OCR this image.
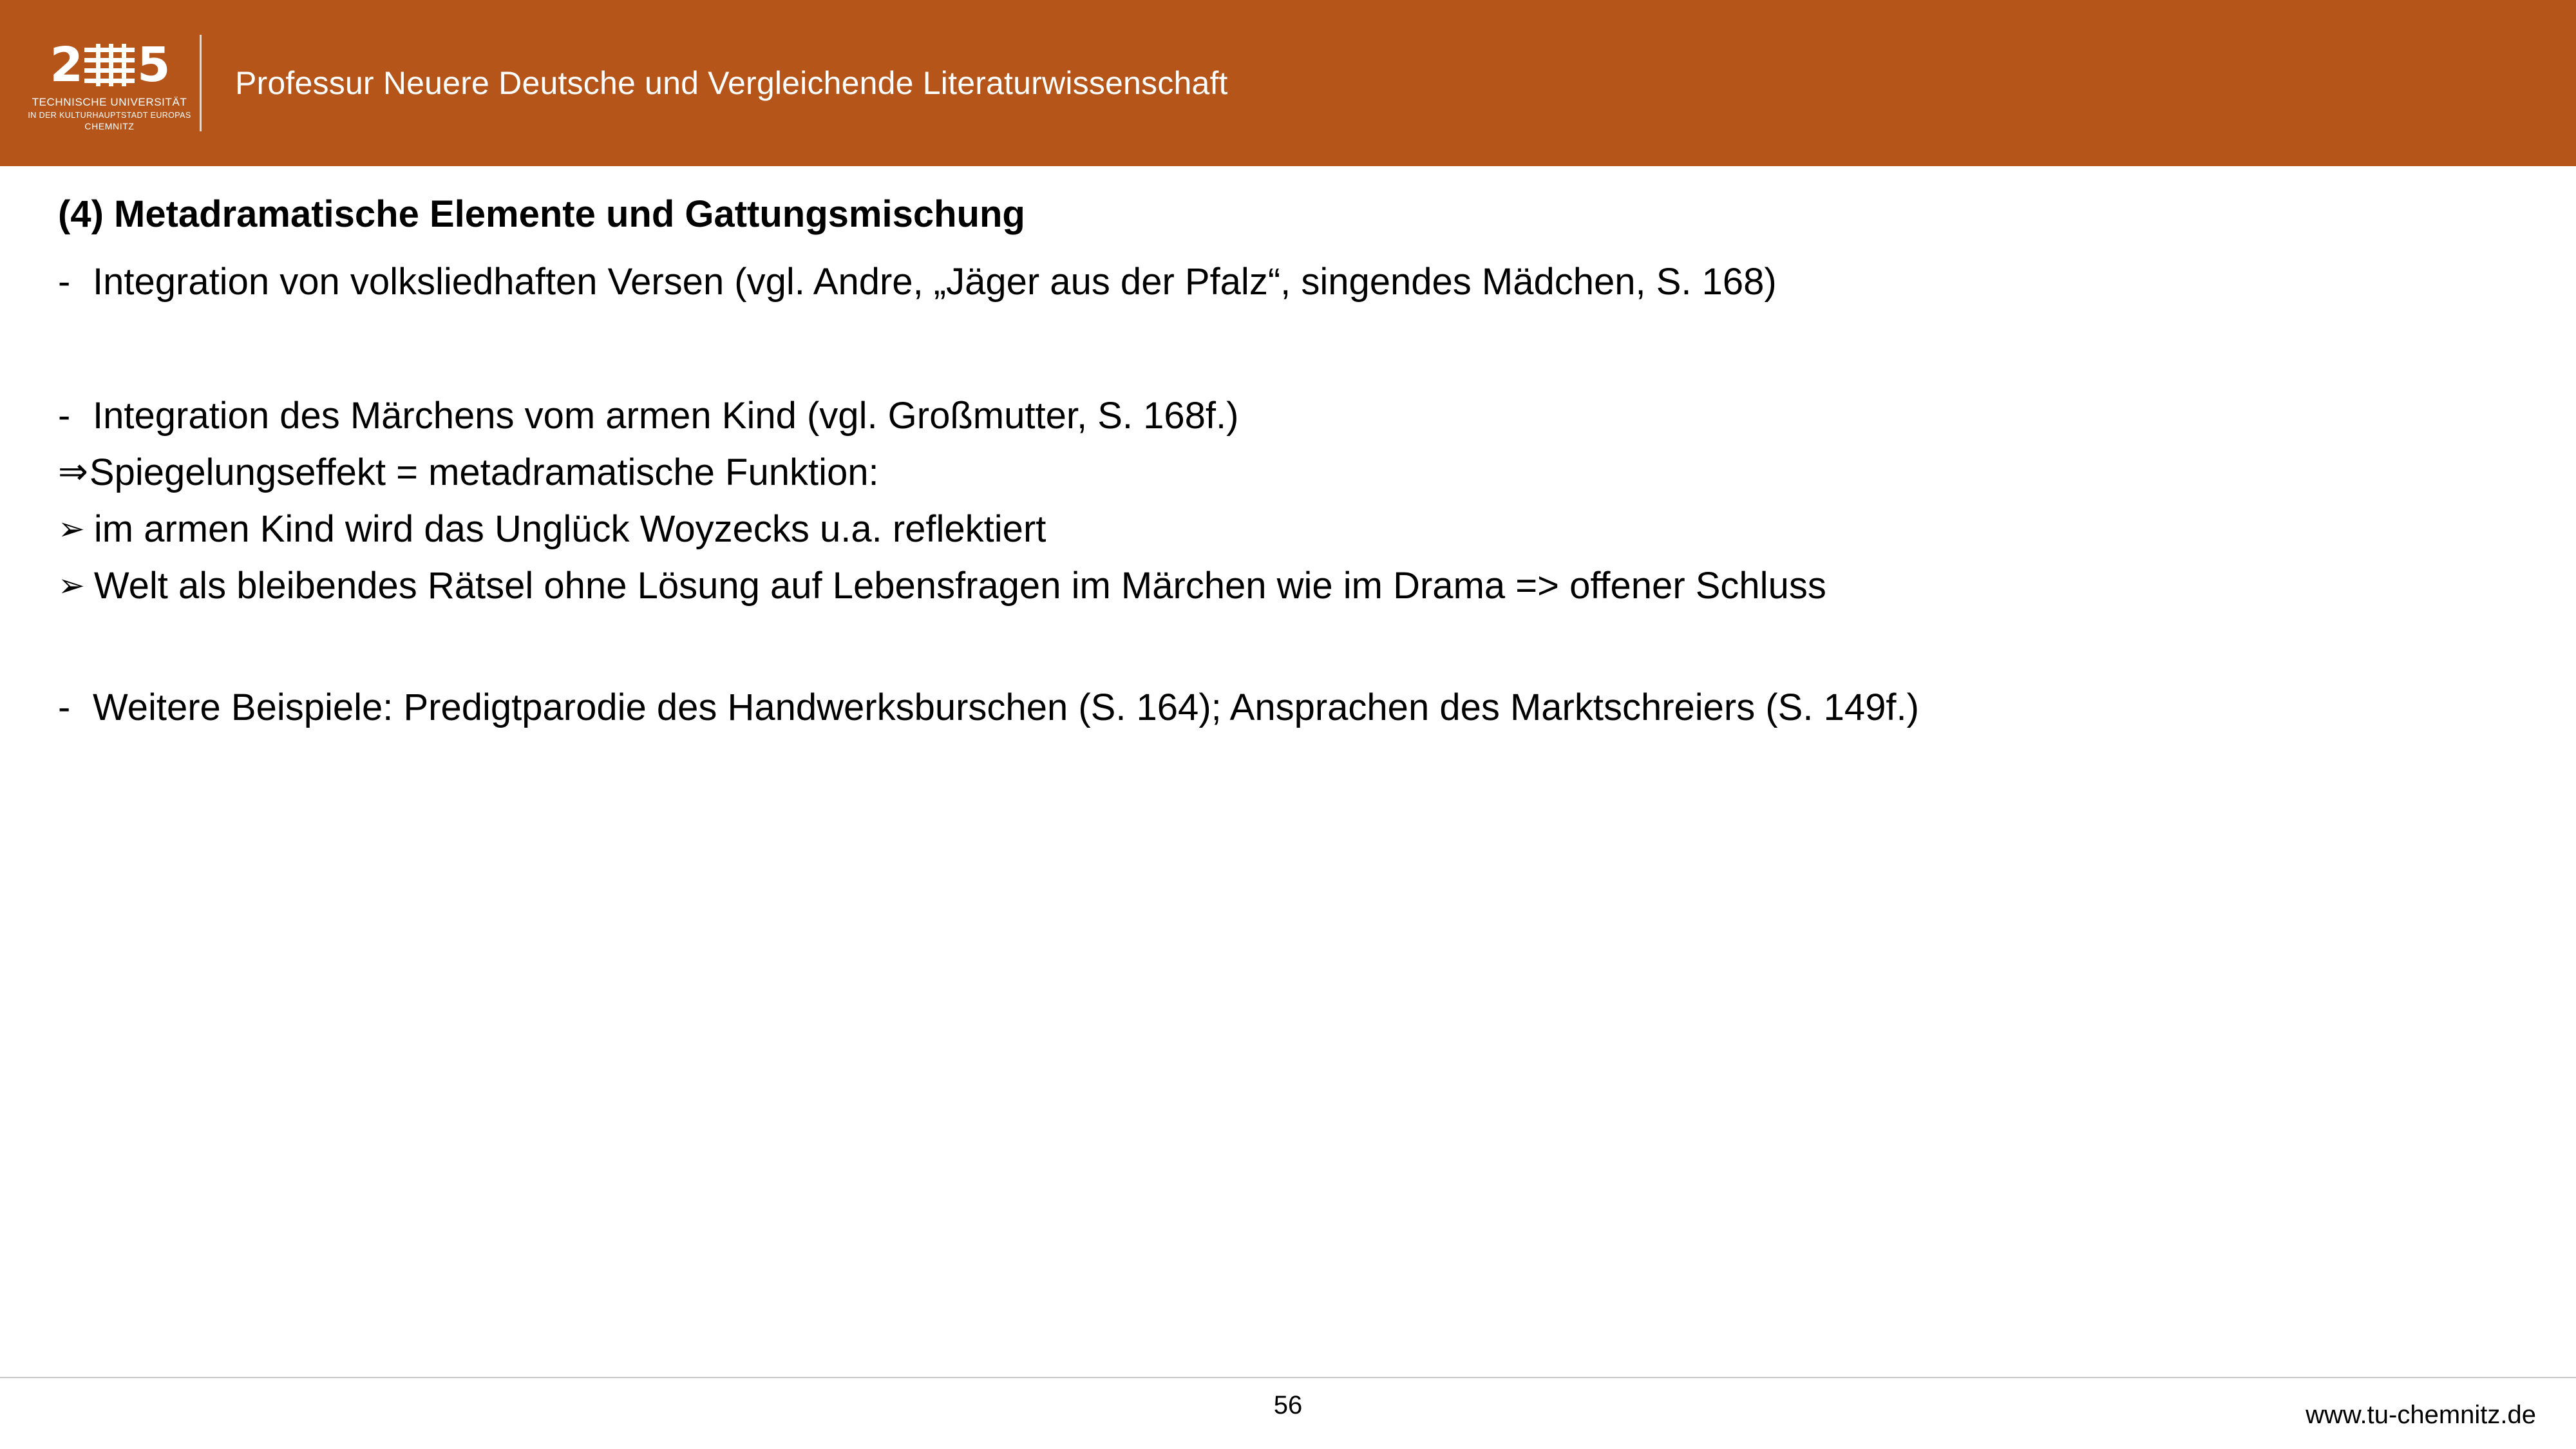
2 5
TECHNISCHE UNIVERSITÄT
IN DER KULTURHAUPTSTADT EUROPAS
CHEMNITZ
Professur Neuere Deutsche und Vergleichende Literaturwissenschaft
(4) Metadramatische Elemente und Gattungsmischung
- Integration von volksliedhaften Versen (vgl. Andre, „Jäger aus der Pfalz“, singendes Mädchen, S. 168)
- Integration des Märchens vom armen Kind (vgl. Großmutter, S. 168f.)
⇒ Spiegelungseffekt = metadramatische Funktion:
➢ im armen Kind wird das Unglück Woyzecks u.a. reflektiert
➢ Welt als bleibendes Rätsel ohne Lösung auf Lebensfragen im Märchen wie im Drama => offener Schluss
- Weitere Beispiele: Predigtparodie des Handwerksburschen (S. 164); Ansprachen des Marktschreiers (S. 149f.)
56	www.tu-chemnitz.de
